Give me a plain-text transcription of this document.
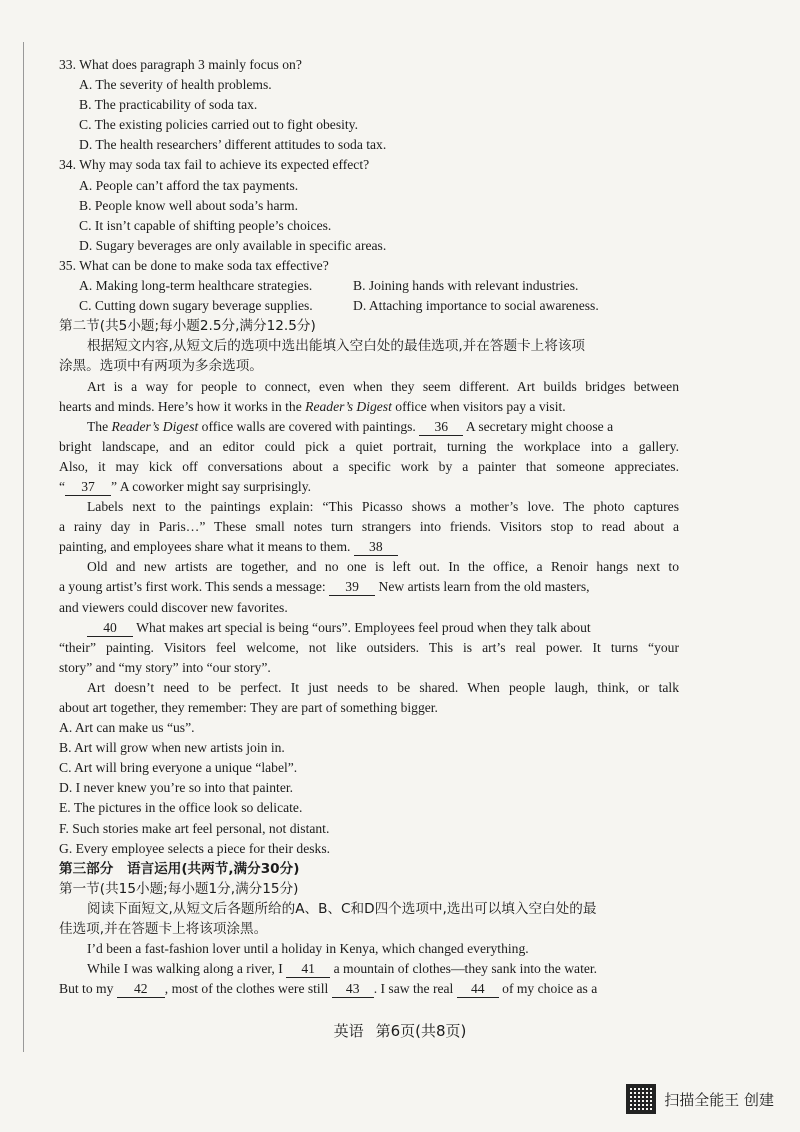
33. What does paragraph 3 mainly focus on?
A. The severity of health problems.
B. The practicability of soda tax.
C. The existing policies carried out to fight obesity.
D. The health researchers’ different attitudes to soda tax.
34. Why may soda tax fail to achieve its expected effect?
A. People can’t afford the tax payments.
B. People know well about soda’s harm.
C. It isn’t capable of shifting people’s choices.
D. Sugary beverages are only available in specific areas.
35. What can be done to make soda tax effective?
A. Making long-term healthcare strategies.	B. Joining hands with relevant industries.
C. Cutting down sugary beverage supplies.	D. Attaching importance to social awareness.
第二节(共5小题;每小题2.5分,满分12.5分)
根据短文内容,从短文后的选项中选出能填入空白处的最佳选项,并在答题卡上将该项
涂黑。选项中有两项为多余选项。
Art is a way for people to connect, even when they seem different. Art builds bridges between
hearts and minds. Here’s how it works in the Reader’s Digest office when visitors pay a visit.
The Reader’s Digest office walls are covered with paintings. 36 A secretary might choose a
bright landscape, and an editor could pick a quiet portrait, turning the workplace into a gallery.
Also, it may kick off conversations about a specific work by a painter that someone appreciates.
“ 37 ” A coworker might say surprisingly.
Labels next to the paintings explain: “This Picasso shows a mother’s love. The photo captures
a rainy day in Paris…” These small notes turn strangers into friends. Visitors stop to read about a
painting, and employees share what it means to them. 38
Old and new artists are together, and no one is left out. In the office, a Renoir hangs next to
a young artist’s first work. This sends a message: 39 New artists learn from the old masters,
and viewers could discover new favorites.
40 What makes art special is being “ours”. Employees feel proud when they talk about
“their” painting. Visitors feel welcome, not like outsiders. This is art’s real power. It turns “your
story” and “my story” into “our story”.
Art doesn’t need to be perfect. It just needs to be shared. When people laugh, think, or talk
about art together, they remember: They are part of something bigger.
A. Art can make us “us”.
B. Art will grow when new artists join in.
C. Art will bring everyone a unique “label”.
D. I never knew you’re so into that painter.
E. The pictures in the office look so delicate.
F. Such stories make art feel personal, not distant.
G. Every employee selects a piece for their desks.
第三部分　语言运用(共两节,满分30分)
第一节(共15小题;每小题1分,满分15分)
阅读下面短文,从短文后各题所给的A、B、C和D四个选项中,选出可以填入空白处的最
佳选项,并在答题卡上将该项涂黑。
I’d been a fast-fashion lover until a holiday in Kenya, which changed everything.
While I was walking along a river, I 41 a mountain of clothes—they sank into the water.
But to my 42 , most of the clothes were still 43 . I saw the real 44 of my choice as a
英语 第6页(共8页)
扫描全能王 创建
